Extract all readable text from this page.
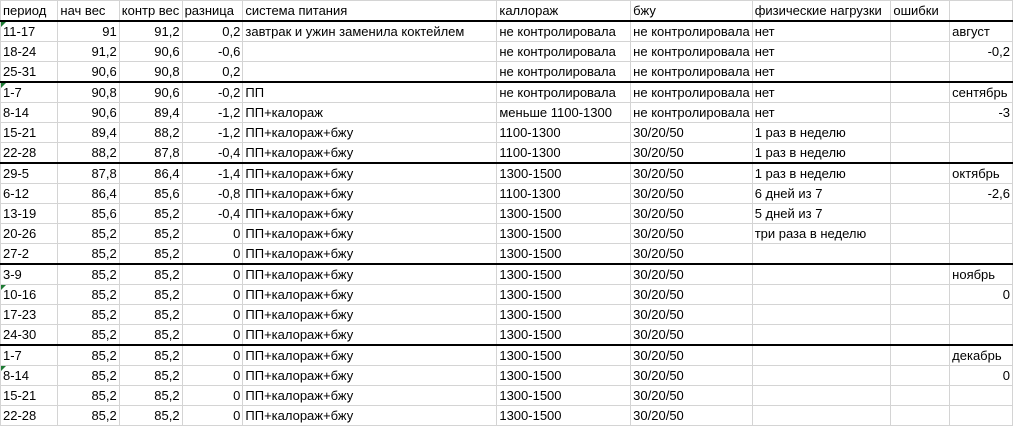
период	нач вес	контр вес	разница	система питания	каллораж	бжу	физические нагрузки	ошибки	
11-17	91	91,2	0,2	завтрак и ужин заменила коктейлем	не контролировала	не контролировала	нет		август
18-24	91,2	90,6	-0,6		не контролировала	не контролировала	нет		-0,2
25-31	90,6	90,8	0,2		не контролировала	не контролировала	нет		
1-7	90,8	90,6	-0,2	ПП	не контролировала	не контролировала	нет		сентябрь
8-14	90,6	89,4	-1,2	ПП+калораж	меньше 1100-1300	не контролировала	нет		-3
15-21	89,4	88,2	-1,2	ПП+калораж+бжу	1100-1300	30/20/50	1 раз в неделю		
22-28	88,2	87,8	-0,4	ПП+калораж+бжу	1100-1300	30/20/50	1 раз в неделю		
29-5	87,8	86,4	-1,4	ПП+калораж+бжу	1300-1500	30/20/50	1 раз в неделю		октябрь
6-12	86,4	85,6	-0,8	ПП+калораж+бжу	1100-1300	30/20/50	6 дней из 7		-2,6
13-19	85,6	85,2	-0,4	ПП+калораж+бжу	1300-1500	30/20/50	5 дней из 7		
20-26	85,2	85,2	0	ПП+калораж+бжу	1300-1500	30/20/50	три раза в неделю		
27-2	85,2	85,2	0	ПП+калораж+бжу	1300-1500	30/20/50			
3-9	85,2	85,2	0	ПП+калораж+бжу	1300-1500	30/20/50			ноябрь
10-16	85,2	85,2	0	ПП+калораж+бжу	1300-1500	30/20/50			0
17-23	85,2	85,2	0	ПП+калораж+бжу	1300-1500	30/20/50			
24-30	85,2	85,2	0	ПП+калораж+бжу	1300-1500	30/20/50			
1-7	85,2	85,2	0	ПП+калораж+бжу	1300-1500	30/20/50			декабрь
8-14	85,2	85,2	0	ПП+калораж+бжу	1300-1500	30/20/50			0
15-21	85,2	85,2	0	ПП+калораж+бжу	1300-1500	30/20/50			
22-28	85,2	85,2	0	ПП+калораж+бжу	1300-1500	30/20/50			
